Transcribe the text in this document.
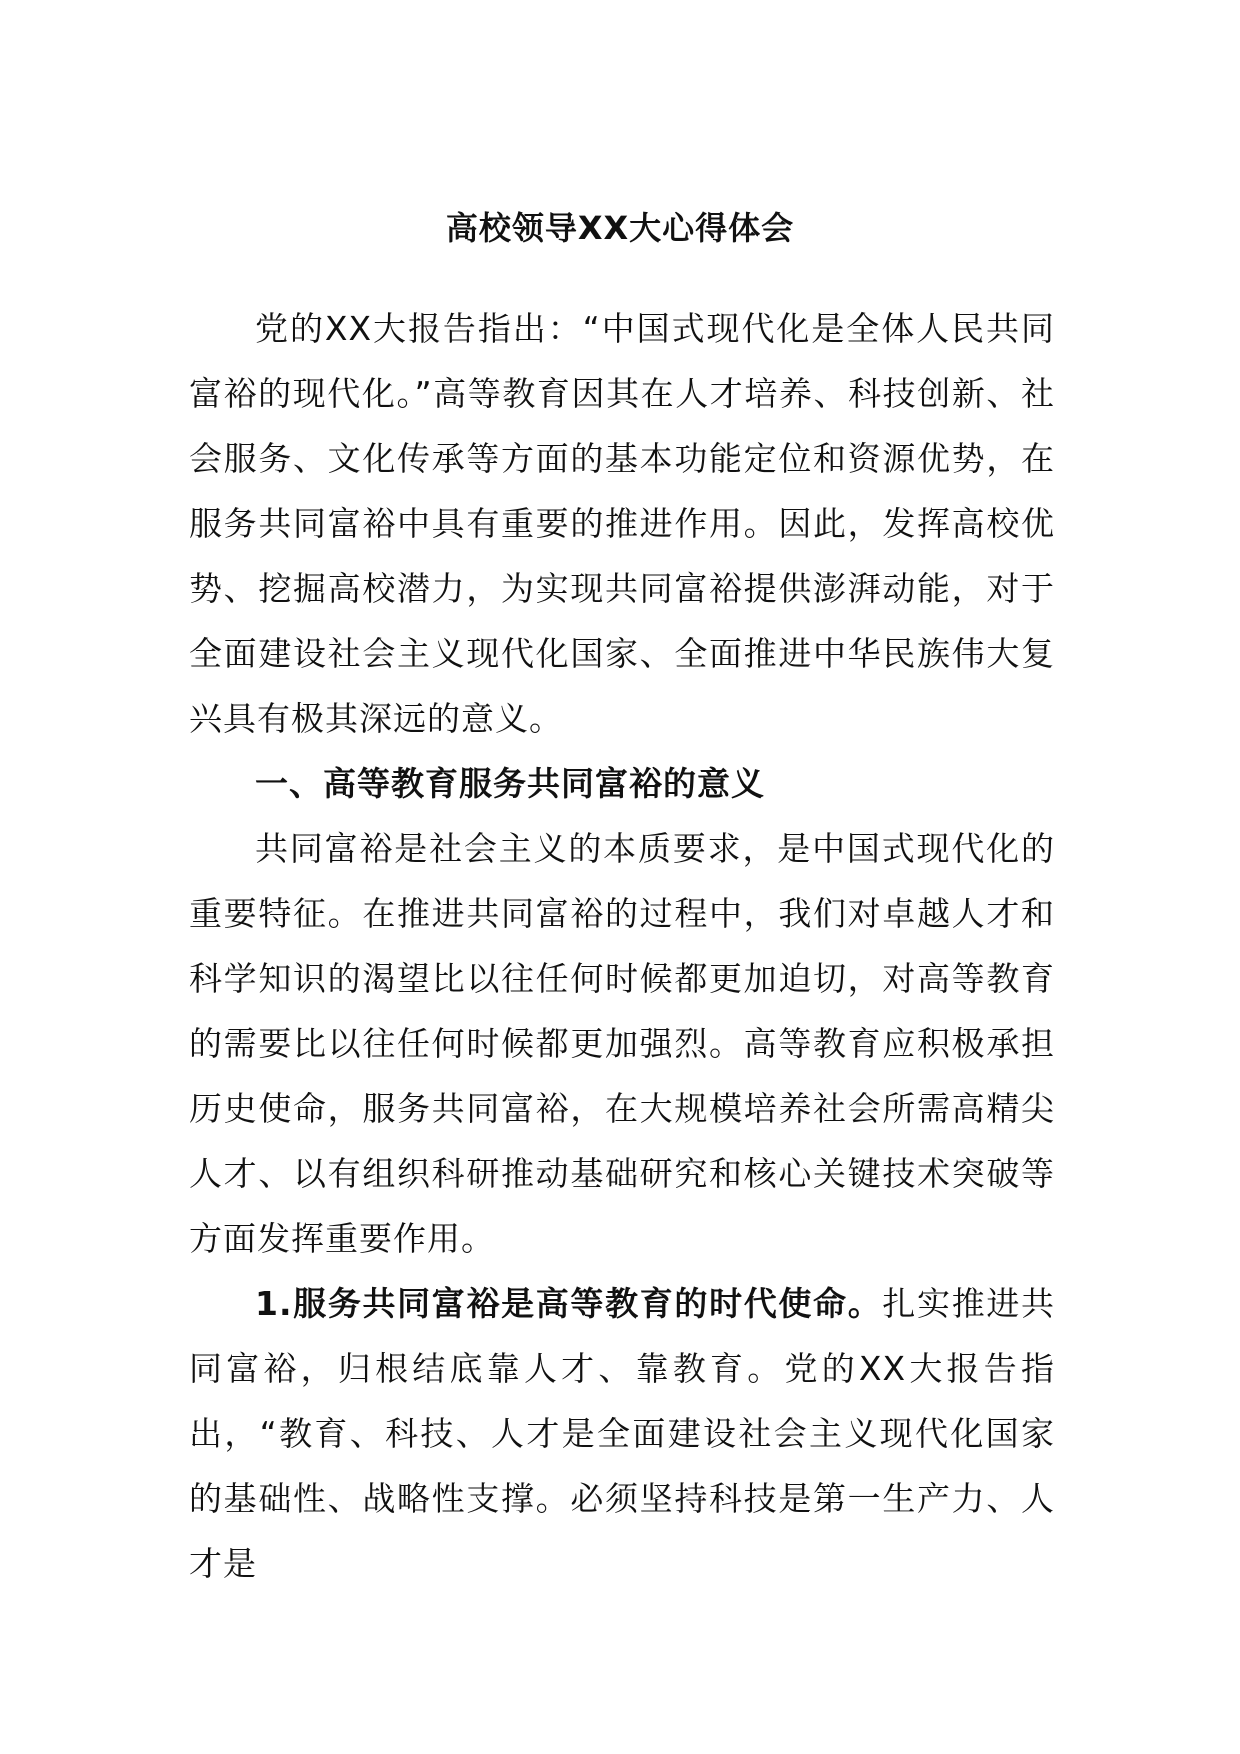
高校领导XX大心得体会

党的XX大报告指出：“中国式现代化是全体人民共同富裕的现代化。”高等教育因其在人才培养、科技创新、社会服务、文化传承等方面的基本功能定位和资源优势，在服务共同富裕中具有重要的推进作用。因此，发挥高校优势、挖掘高校潜力，为实现共同富裕提供澎湃动能，对于全面建设社会主义现代化国家、全面推进中华民族伟大复兴具有极其深远的意义。

一、高等教育服务共同富裕的意义

共同富裕是社会主义的本质要求，是中国式现代化的重要特征。在推进共同富裕的过程中，我们对卓越人才和科学知识的渴望比以往任何时候都更加迫切，对高等教育的需要比以往任何时候都更加强烈。高等教育应积极承担历史使命，服务共同富裕，在大规模培养社会所需高精尖人才、以有组织科研推动基础研究和核心关键技术突破等方面发挥重要作用。

1.服务共同富裕是高等教育的时代使命。扎实推进共同富裕，归根结底靠人才、靠教育。党的XX大报告指出，“教育、科技、人才是全面建设社会主义现代化国家的基础性、战略性支撑。必须坚持科技是第一生产力、人才是
